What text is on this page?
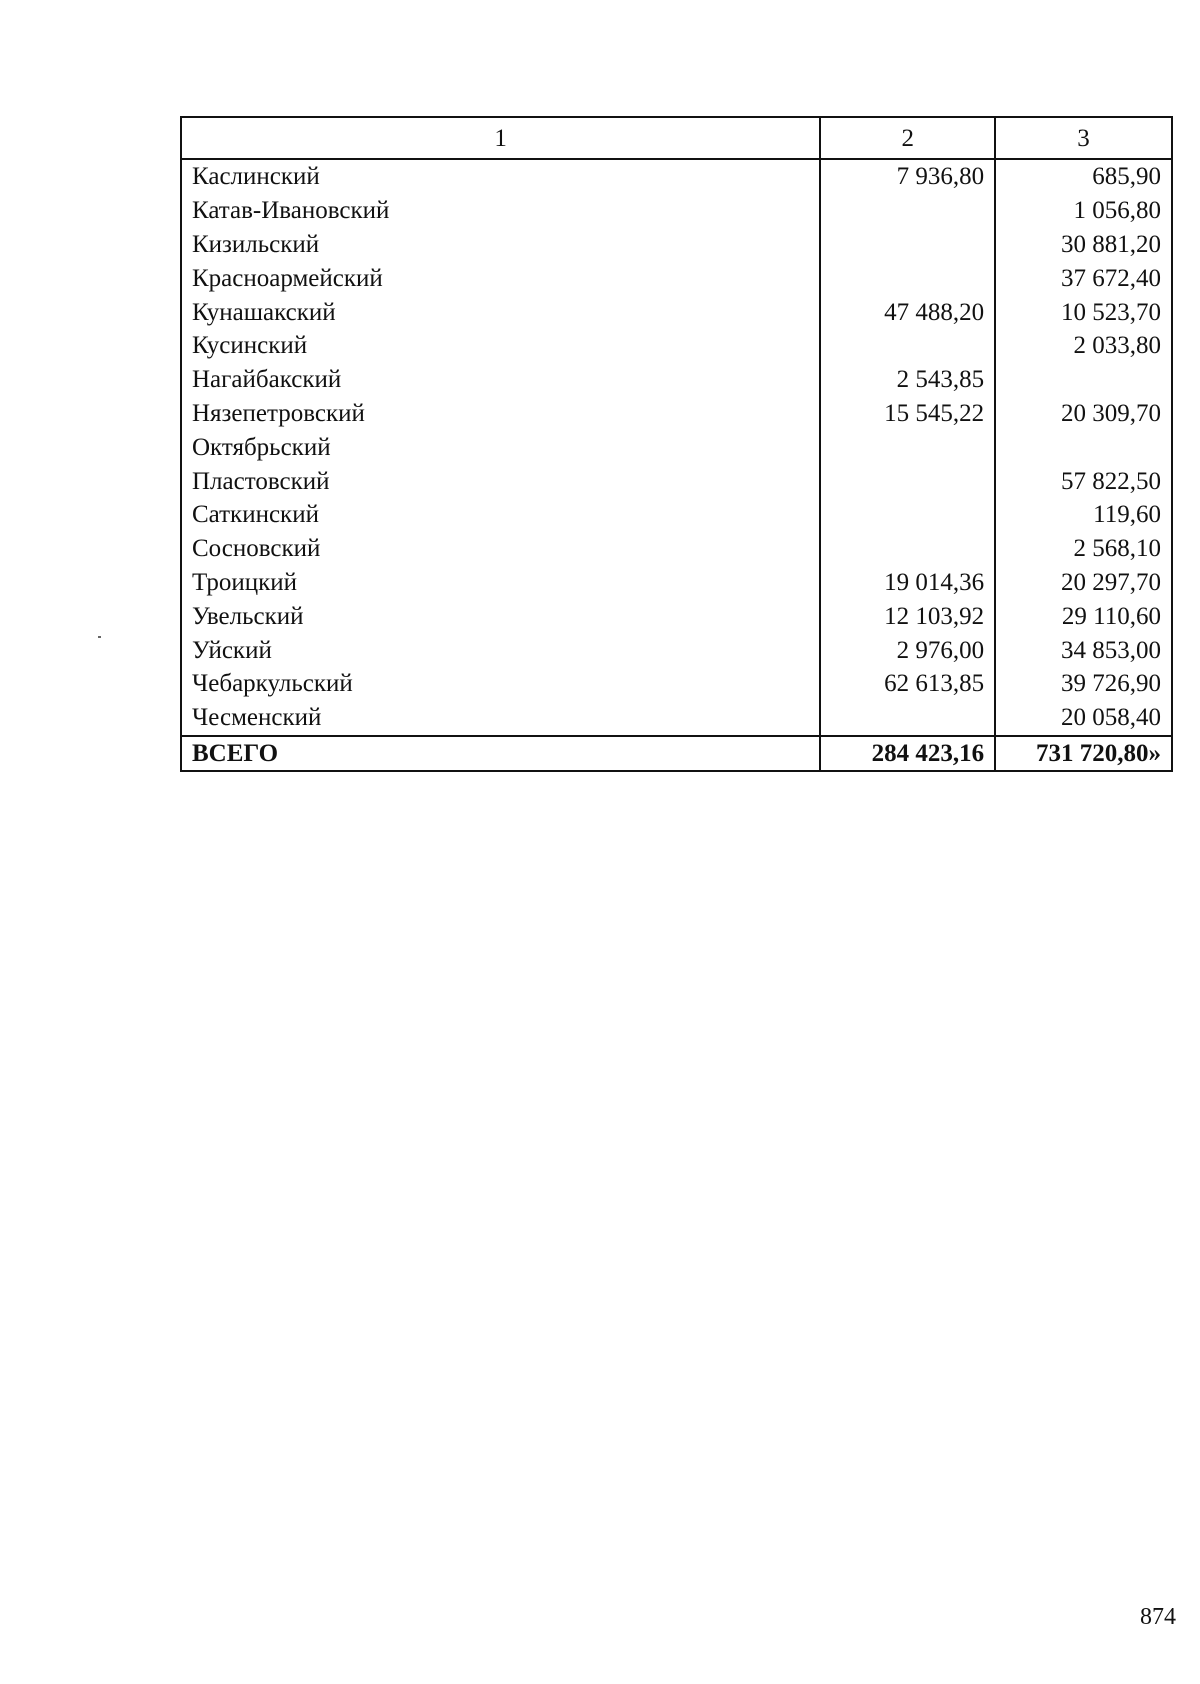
1	2	3
Каслинский	7 936,80	685,90
Катав-Ивановский		1 056,80
Кизильский		30 881,20
Красноармейский		37 672,40
Кунашакский	47 488,20	10 523,70
Кусинский		2 033,80
Нагайбакский	2 543,85	
Нязепетровский	15 545,22	20 309,70
Октябрьский		
Пластовский		57 822,50
Саткинский		119,60
Сосновский		2 568,10
Троицкий	19 014,36	20 297,70
Увельский	12 103,92	29 110,60
Уйский	2 976,00	34 853,00
Чебаркульский	62 613,85	39 726,90
Чесменский		20 058,40
ВСЕГО	284 423,16	731 720,80»
874
